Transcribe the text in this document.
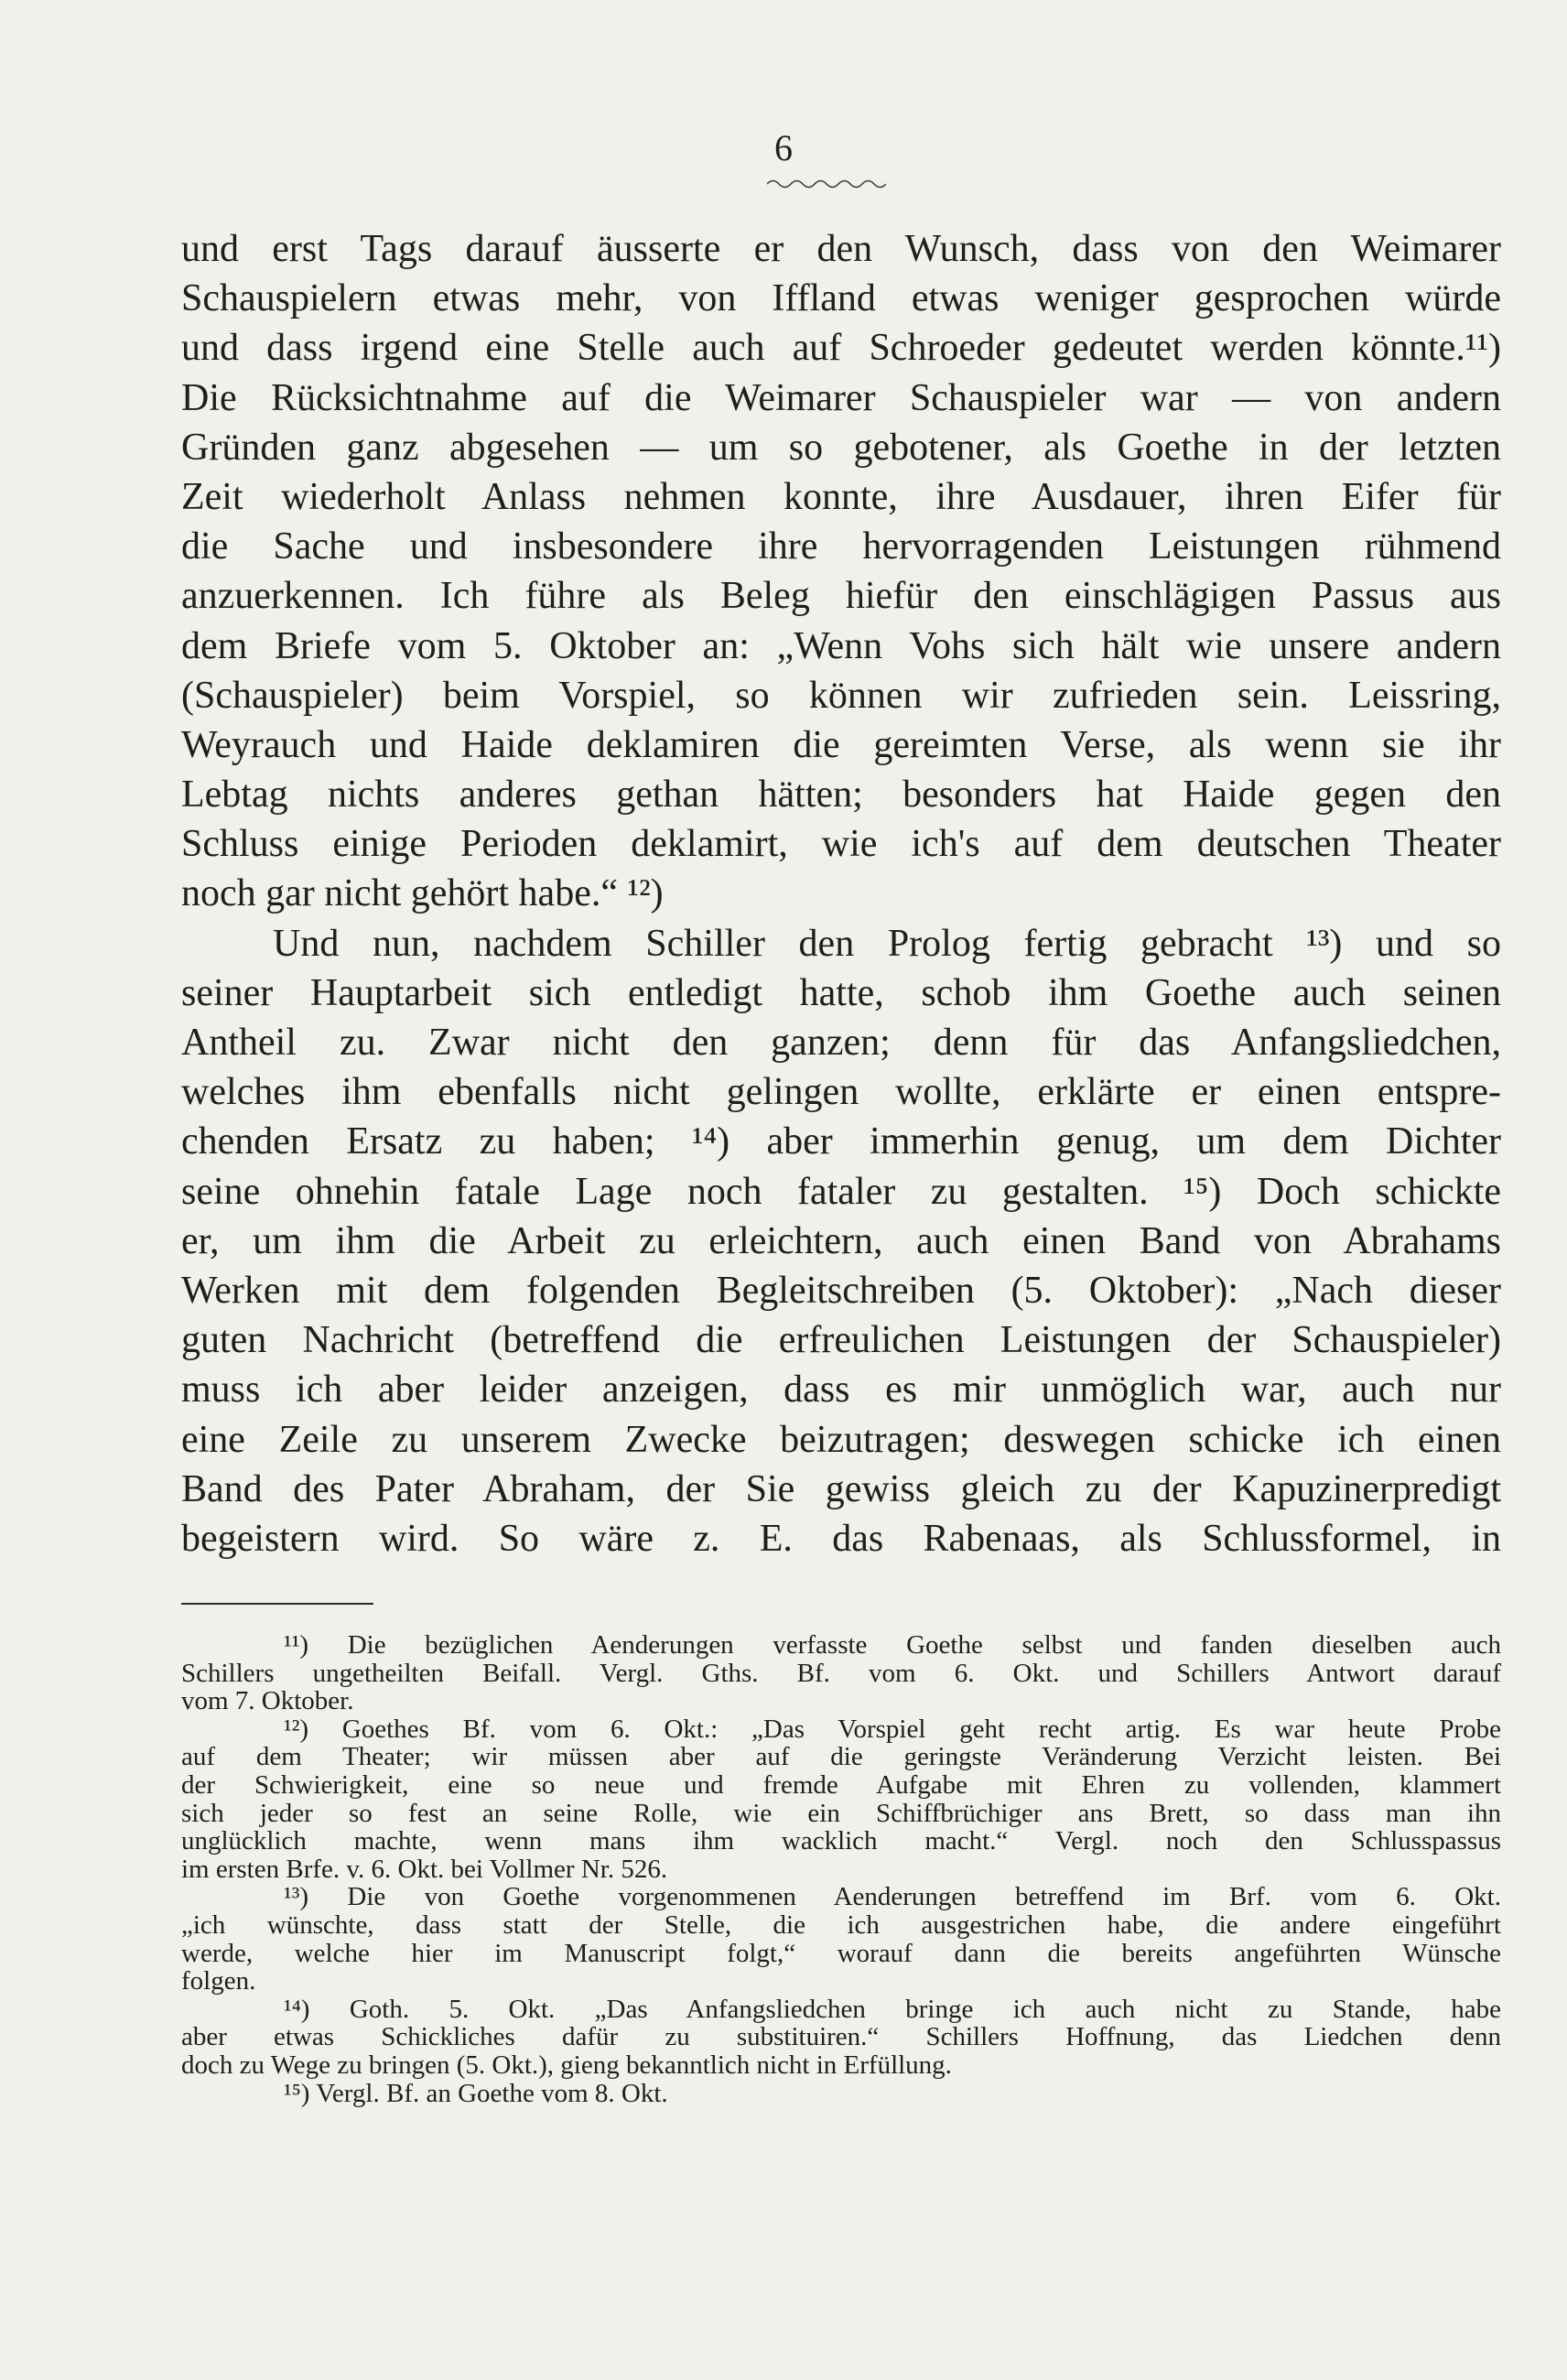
6
und erst Tags darauf äusserte er den Wunsch, dass von den Weimarer
Schauspielern etwas mehr, von Iffland etwas weniger gesprochen würde
und dass irgend eine Stelle auch auf Schroeder gedeutet werden könnte.¹¹)
Die Rücksichtnahme auf die Weimarer Schauspieler war — von andern
Gründen ganz abgesehen — um so gebotener, als Goethe in der letzten
Zeit wiederholt Anlass nehmen konnte, ihre Ausdauer, ihren Eifer für
die Sache und insbesondere ihre hervorragenden Leistungen rühmend
anzuerkennen. Ich führe als Beleg hiefür den einschlägigen Passus aus
dem Briefe vom 5. Oktober an: „Wenn Vohs sich hält wie unsere andern
(Schauspieler) beim Vorspiel, so können wir zufrieden sein. Leissring,
Weyrauch und Haide deklamiren die gereimten Verse, als wenn sie ihr
Lebtag nichts anderes gethan hätten; besonders hat Haide gegen den
Schluss einige Perioden deklamirt, wie ich's auf dem deutschen Theater
noch gar nicht gehört habe.“ ¹²)
Und nun, nachdem Schiller den Prolog fertig gebracht ¹³) und so
seiner Hauptarbeit sich entledigt hatte, schob ihm Goethe auch seinen
Antheil zu. Zwar nicht den ganzen; denn für das Anfangsliedchen,
welches ihm ebenfalls nicht gelingen wollte, erklärte er einen entspre-
chenden Ersatz zu haben; ¹⁴) aber immerhin genug, um dem Dichter
seine ohnehin fatale Lage noch fataler zu gestalten. ¹⁵) Doch schickte
er, um ihm die Arbeit zu erleichtern, auch einen Band von Abrahams
Werken mit dem folgenden Begleitschreiben (5. Oktober): „Nach dieser
guten Nachricht (betreffend die erfreulichen Leistungen der Schauspieler)
muss ich aber leider anzeigen, dass es mir unmöglich war, auch nur
eine Zeile zu unserem Zwecke beizutragen; deswegen schicke ich einen
Band des Pater Abraham, der Sie gewiss gleich zu der Kapuzinerpredigt
begeistern wird. So wäre z. E. das Rabenaas, als Schlussformel, in
¹¹) Die bezüglichen Aenderungen verfasste Goethe selbst und fanden dieselben auch
Schillers ungetheilten Beifall. Vergl. Gths. Bf. vom 6. Okt. und Schillers Antwort darauf
vom 7. Oktober.
¹²) Goethes Bf. vom 6. Okt.: „Das Vorspiel geht recht artig. Es war heute Probe
auf dem Theater; wir müssen aber auf die geringste Veränderung Verzicht leisten. Bei
der Schwierigkeit, eine so neue und fremde Aufgabe mit Ehren zu vollenden, klammert
sich jeder so fest an seine Rolle, wie ein Schiffbrüchiger ans Brett, so dass man ihn
unglücklich machte, wenn mans ihm wacklich macht.“ Vergl. noch den Schlusspassus
im ersten Brfe. v. 6. Okt. bei Vollmer Nr. 526.
¹³) Die von Goethe vorgenommenen Aenderungen betreffend im Brf. vom 6. Okt.
„ich wünschte, dass statt der Stelle, die ich ausgestrichen habe, die andere eingeführt
werde, welche hier im Manuscript folgt,“ worauf dann die bereits angeführten Wünsche
folgen.
¹⁴) Goth. 5. Okt. „Das Anfangsliedchen bringe ich auch nicht zu Stande, habe
aber etwas Schickliches dafür zu substituiren.“ Schillers Hoffnung, das Liedchen denn
doch zu Wege zu bringen (5. Okt.), gieng bekanntlich nicht in Erfüllung.
¹⁵) Vergl. Bf. an Goethe vom 8. Okt.
